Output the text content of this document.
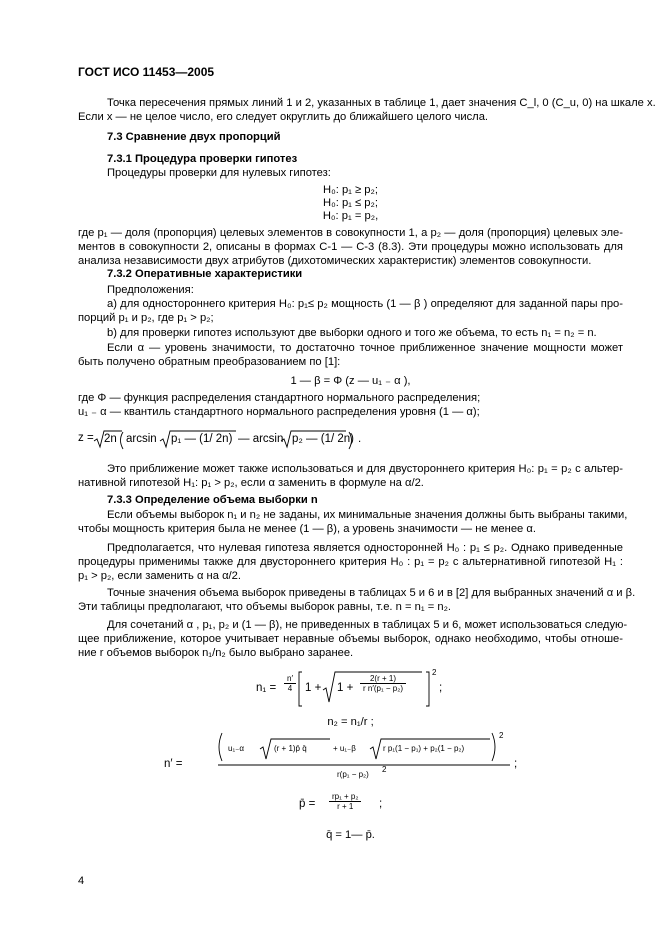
ГОСТ ИСО 11453—2005
Точка пересечения прямых линий 1 и 2, указанных в таблице 1, дает значения C_l, 0 (C_u, 0) на шкале x.
Если x — не целое число, его следует округлить до ближайшего целого числа.
7.3 Сравнение двух пропорций
7.3.1 Процедура проверки гипотез
Процедуры проверки для нулевых гипотез:
H₀: p₁ ≥ p₂;
H₀: p₁ ≤ p₂;
H₀: p₁ = p₂,
где p₁ — доля (пропорция) целевых элементов в совокупности 1, а p₂ — доля (пропорция) целевых эле-
ментов в совокупности 2, описаны в формах С-1 — С-3 (8.3). Эти процедуры можно использовать для
анализа независимости двух атрибутов (дихотомических характеристик) элементов совокупности.
7.3.2 Оперативные характеристики
Предположения:
а) для одностороннего критерия H₀: p₁≤ p₂ мощность (1 — β ) определяют для заданной пары про-
порций p₁ и p₂, где p₁ > p₂;
b) для проверки гипотез используют две выборки одного и того же объема, то есть n₁ = n₂ = n.
Если α — уровень значимости, то достаточно точное приближенное значение мощности может
быть получено обратным преобразованием по [1]:
1 — β = Φ (z — u₁ ₋ α ),
где Φ — функция распределения стандартного нормального распределения;
u₁ ₋ α — квантиль стандартного нормального распределения уровня (1 — α);
z = 2n arcsin p₁ — (1/ 2n) — arcsin p₂ — (1/ 2n) .
Это приближение может также использоваться и для двустороннего критерия H₀: p₁ = p₂ с альтер-
нативной гипотезой H₁: p₁ > p₂, если α заменить в формуле на α/2.
7.3.3 Определение объема выборки n
Если объемы выборок n₁ и n₂ не заданы, их минимальные значения должны быть выбраны такими,
чтобы мощность критерия была не менее (1 — β), а уровень значимости — не менее α.
Предполагается, что нулевая гипотеза является односторонней H₀ : p₁ ≤ p₂. Однако приведенные
процедуры применимы также для двустороннего критерия H₀ : p₁ = p₂ с альтернативной гипотезой H₁ :
p₁ > p₂, если заменить α на α/2.
Точные значения объема выборок приведены в таблицах 5 и 6 и в [2] для выбранных значений α и β.
Эти таблицы предполагают, что объемы выборок равны, т.е. n = n₁ = n₂.
Для сочетаний α , p₁, p₂ и (1 — β), не приведенных в таблицах 5 и 6, может использоваться следую-
щее приближение, которое учитывает неравные объемы выборок, однако необходимо, чтобы отноше-
ние r объемов выборок n₁/n₂ было выбрано заранее.
$n_1 = \frac{n'}{4} 1 + 1 + \frac{2(r + 1)}{\text{r n′(p₁ − p₂)}}$
2
;
n₂ = n₁/r ;
n′ =
u₁₋α	(r + 1)p̄ q̄	+ u₁₋β	r p₁(1 − p₁) + p₂(1 − p₂)
2
r(p₁ − p₂)
2	;
p̄ = $\frac{\text{rp₁ + p₂}}{r + 1}$ ;
q̄ = 1— p̄.
4
